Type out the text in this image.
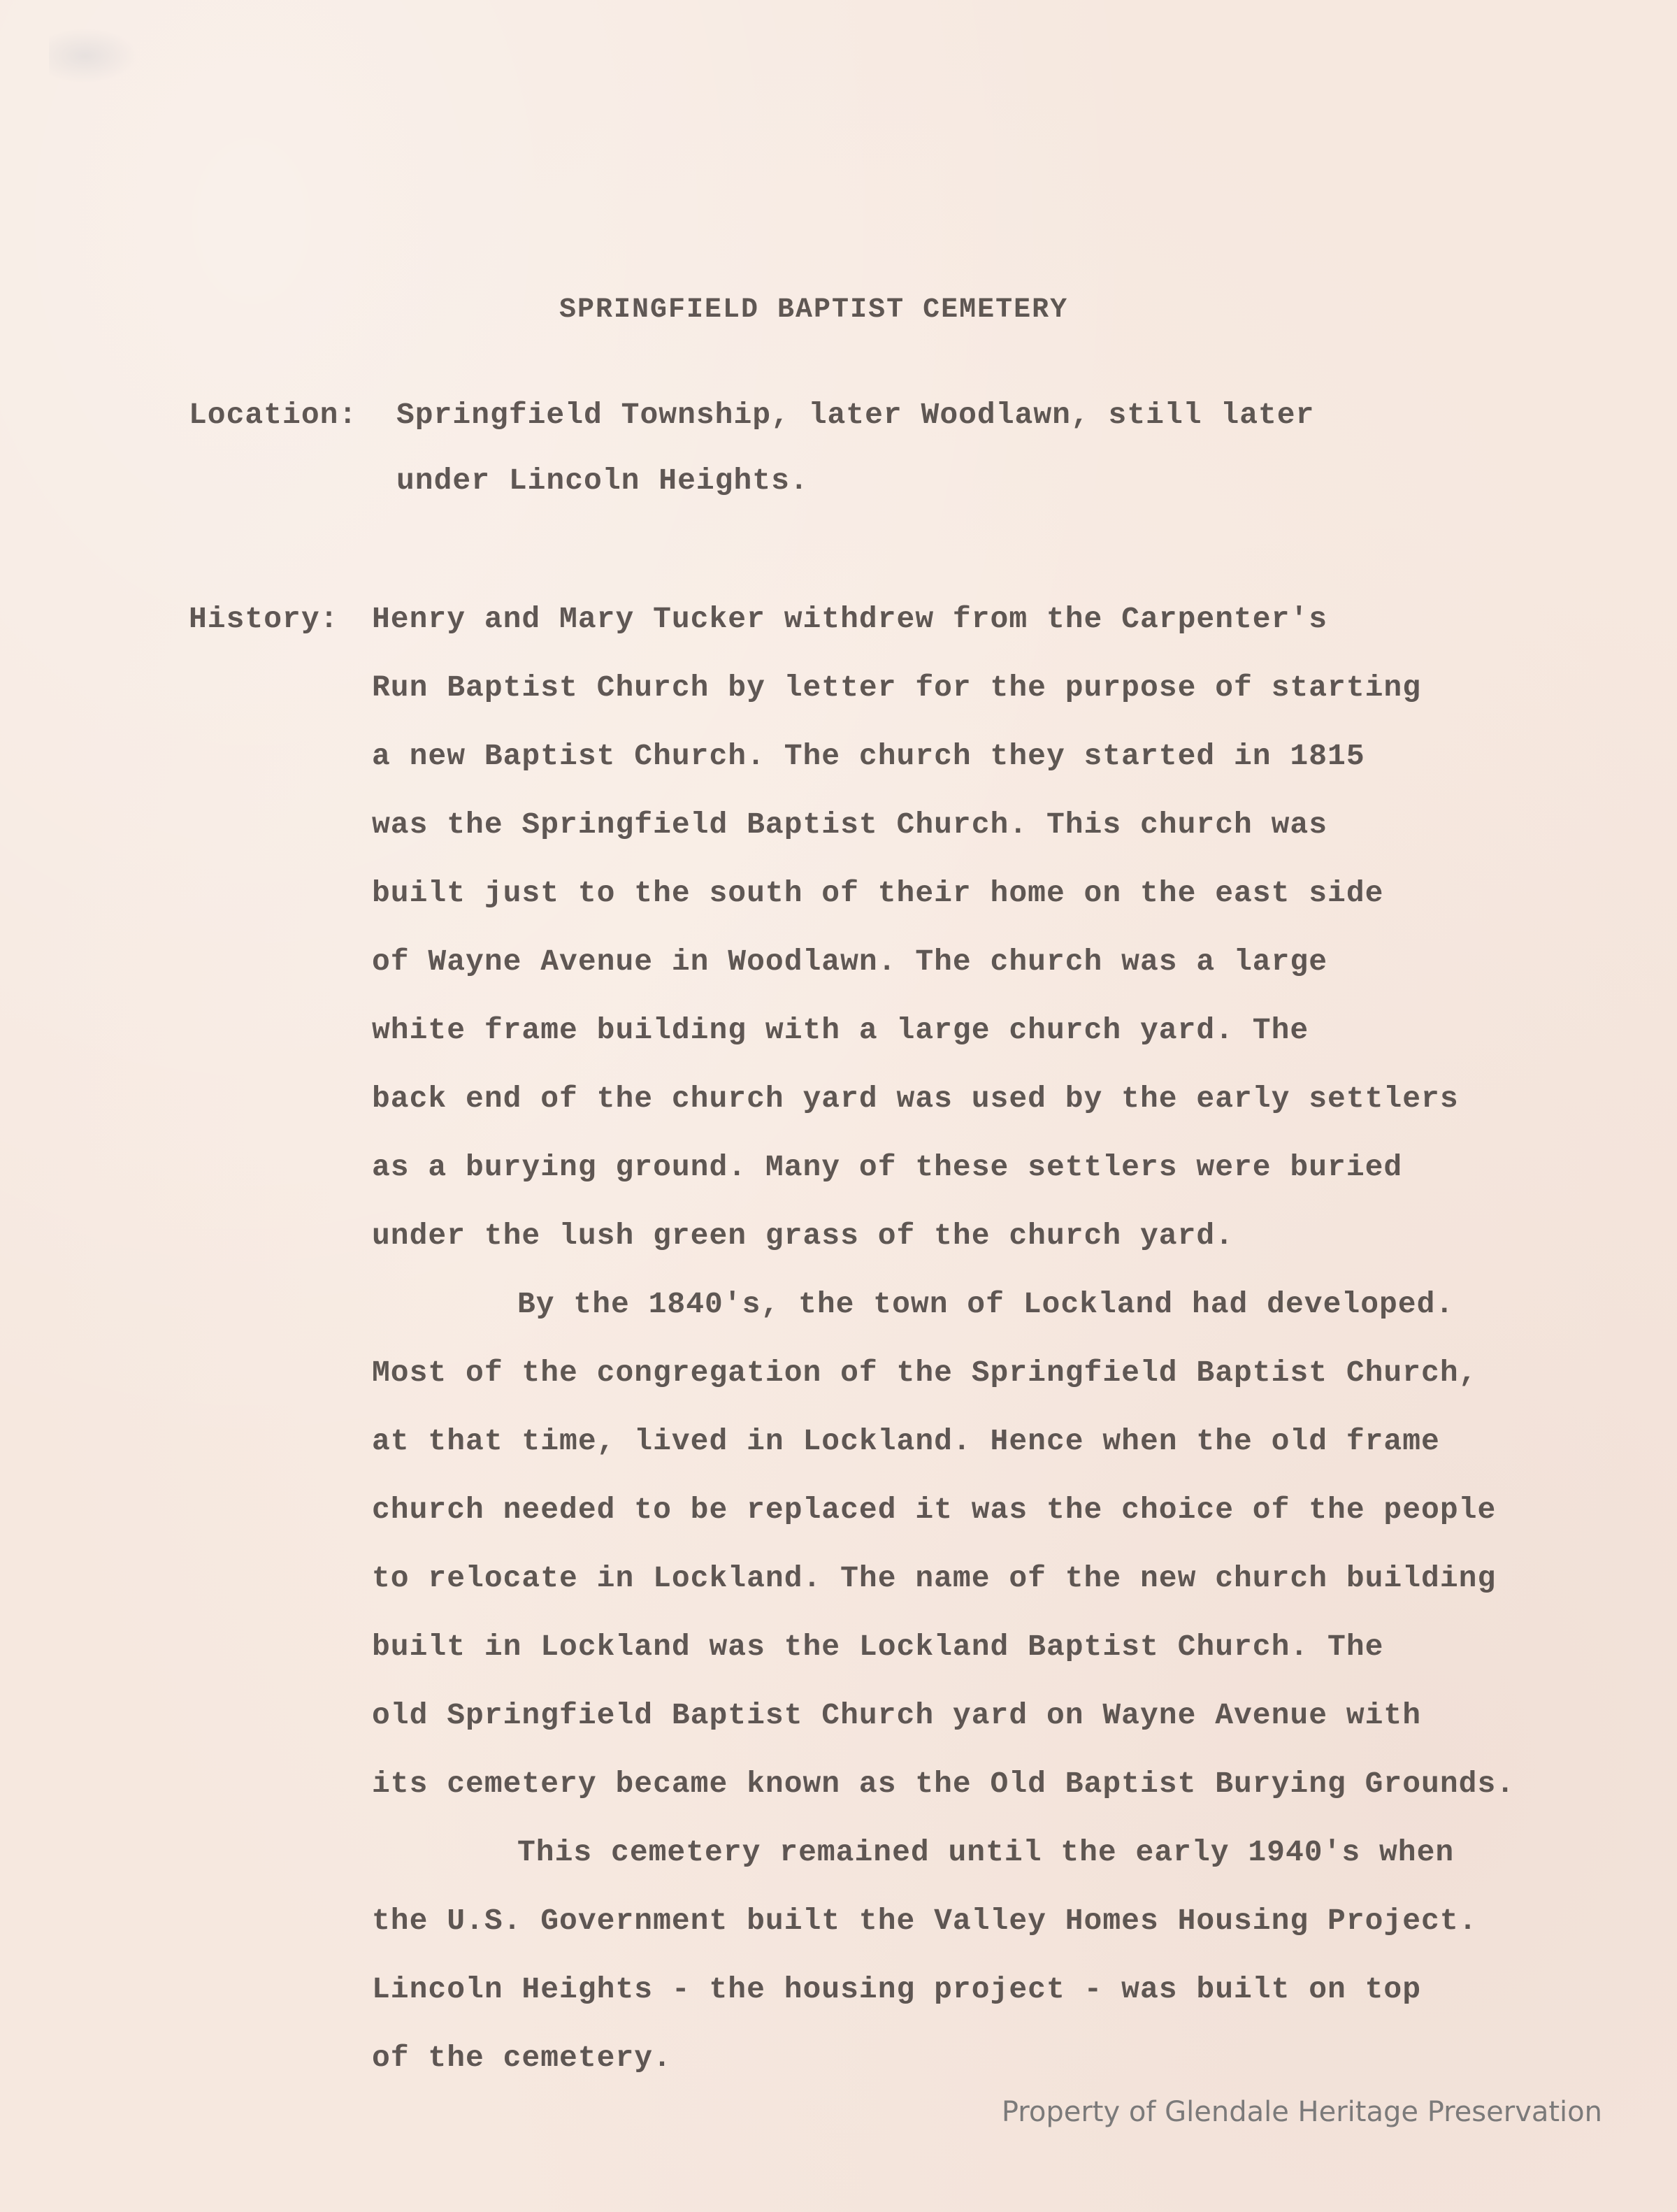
SPRINGFIELD BAPTIST CEMETERY
Location: Springfield Township, later Woodlawn, still later
under Lincoln Heights.
History: Henry and Mary Tucker withdrew from the Carpenter's
Run Baptist Church by letter for the purpose of starting
a new Baptist Church. The church they started in 1815
was the Springfield Baptist Church. This church was
built just to the south of their home on the east side
of Wayne Avenue in Woodlawn. The church was a large
white frame building with a large church yard. The
back end of the church yard was used by the early settlers
as a burying ground. Many of these settlers were buried
under the lush green grass of the church yard.
By the 1840's, the town of Lockland had developed.
Most of the congregation of the Springfield Baptist Church,
at that time, lived in Lockland. Hence when the old frame
church needed to be replaced it was the choice of the people
to relocate in Lockland. The name of the new church building
built in Lockland was the Lockland Baptist Church. The
old Springfield Baptist Church yard on Wayne Avenue with
its cemetery became known as the Old Baptist Burying Grounds.
This cemetery remained until the early 1940's when
the U.S. Government built the Valley Homes Housing Project.
Lincoln Heights - the housing project - was built on top
of the cemetery.
Property of Glendale Heritage Preservation
